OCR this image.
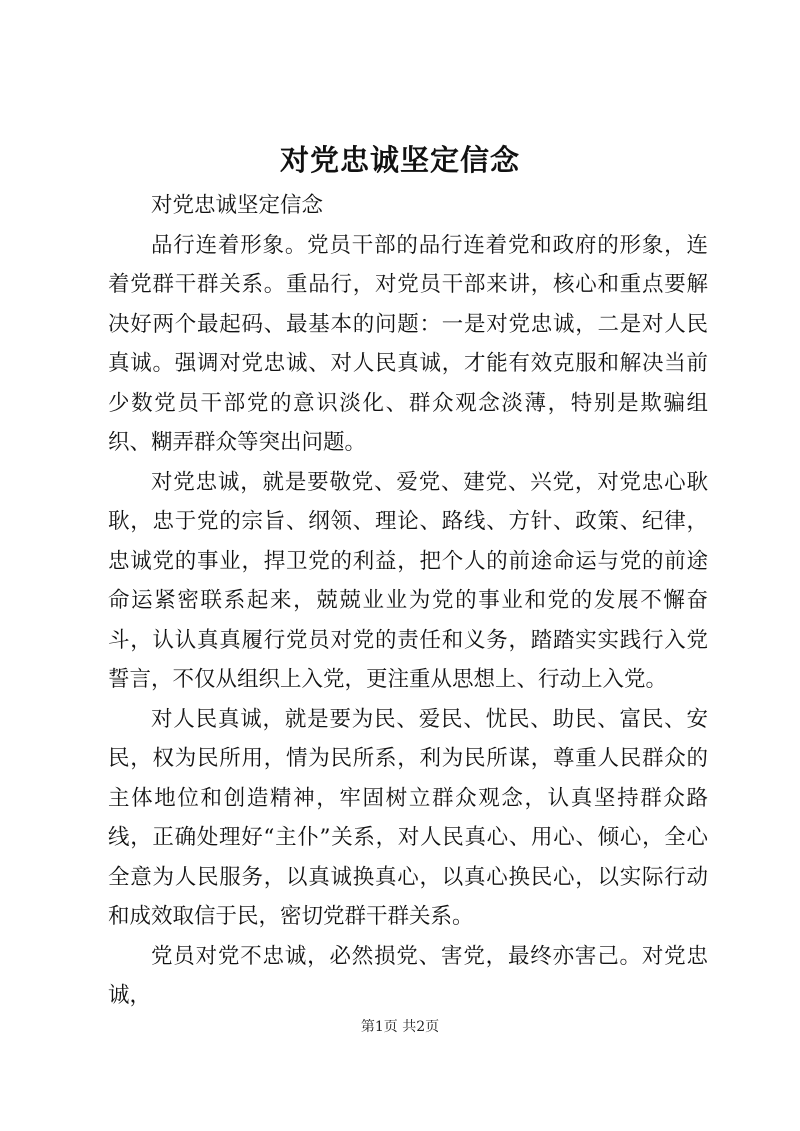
对党忠诚坚定信念

对党忠诚坚定信念

品行连着形象。党员干部的品行连着党和政府的形象，连着党群干群关系。重品行，对党员干部来讲，核心和重点要解决好两个最起码、最基本的问题：一是对党忠诚，二是对人民真诚。强调对党忠诚、对人民真诚，才能有效克服和解决当前少数党员干部党的意识淡化、群众观念淡薄，特别是欺骗组织、糊弄群众等突出问题。

对党忠诚，就是要敬党、爱党、建党、兴党，对党忠心耿耿，忠于党的宗旨、纲领、理论、路线、方针、政策、纪律，忠诚党的事业，捍卫党的利益，把个人的前途命运与党的前途命运紧密联系起来，兢兢业业为党的事业和党的发展不懈奋斗，认认真真履行党员对党的责任和义务，踏踏实实践行入党誓言，不仅从组织上入党，更注重从思想上、行动上入党。

对人民真诚，就是要为民、爱民、忧民、助民、富民、安民，权为民所用，情为民所系，利为民所谋，尊重人民群众的主体地位和创造精神，牢固树立群众观念，认真坚持群众路线，正确处理好“主仆”关系，对人民真心、用心、倾心，全心全意为人民服务，以真诚换真心，以真心换民心，以实际行动和成效取信于民，密切党群干群关系。

党员对党不忠诚，必然损党、害党，最终亦害己。对党忠诚，

第1页 共2页
